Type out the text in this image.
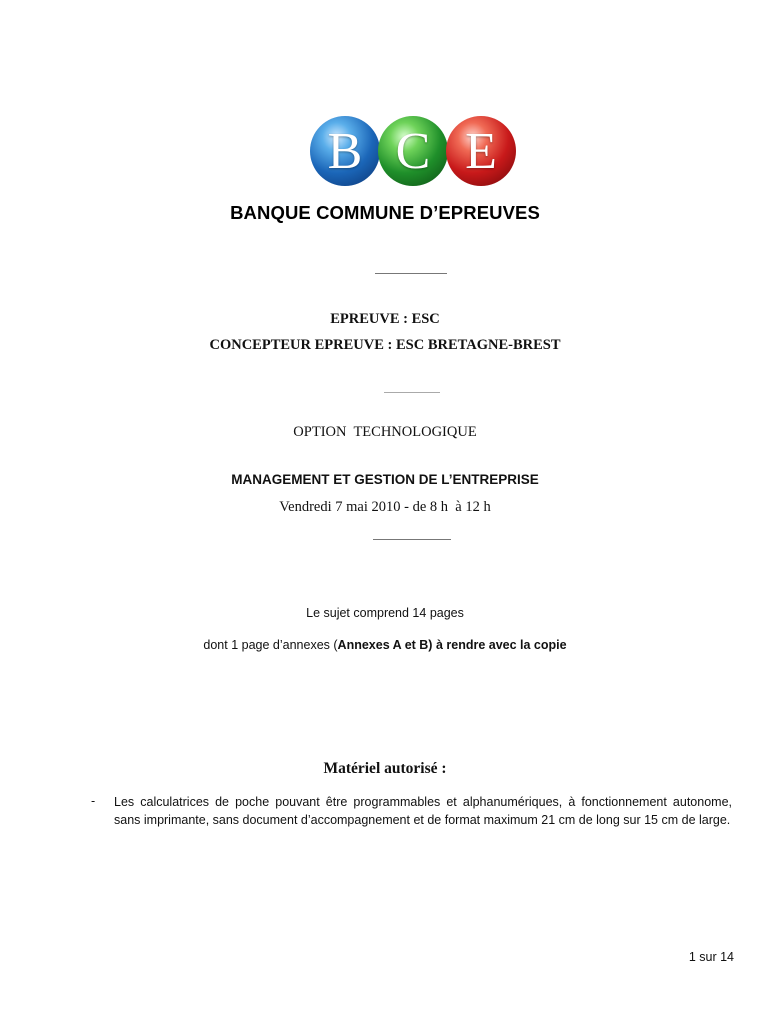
B C E
BANQUE COMMUNE D’EPREUVES
EPREUVE : ESC
CONCEPTEUR EPREUVE : ESC BRETAGNE-BREST
OPTION  TECHNOLOGIQUE
MANAGEMENT ET GESTION DE L’ENTREPRISE
Vendredi 7 mai 2010 - de 8 h  à 12 h
Le sujet comprend 14 pages
dont 1 page d’annexes (Annexes A et B) à rendre avec la copie
Matériel autorisé :
- Les calculatrices de poche pouvant être programmables et alphanumériques, à fonctionnement autonome, sans imprimante, sans document d’accompagnement et de format maximum 21 cm de long sur 15 cm de large.
1 sur 14
